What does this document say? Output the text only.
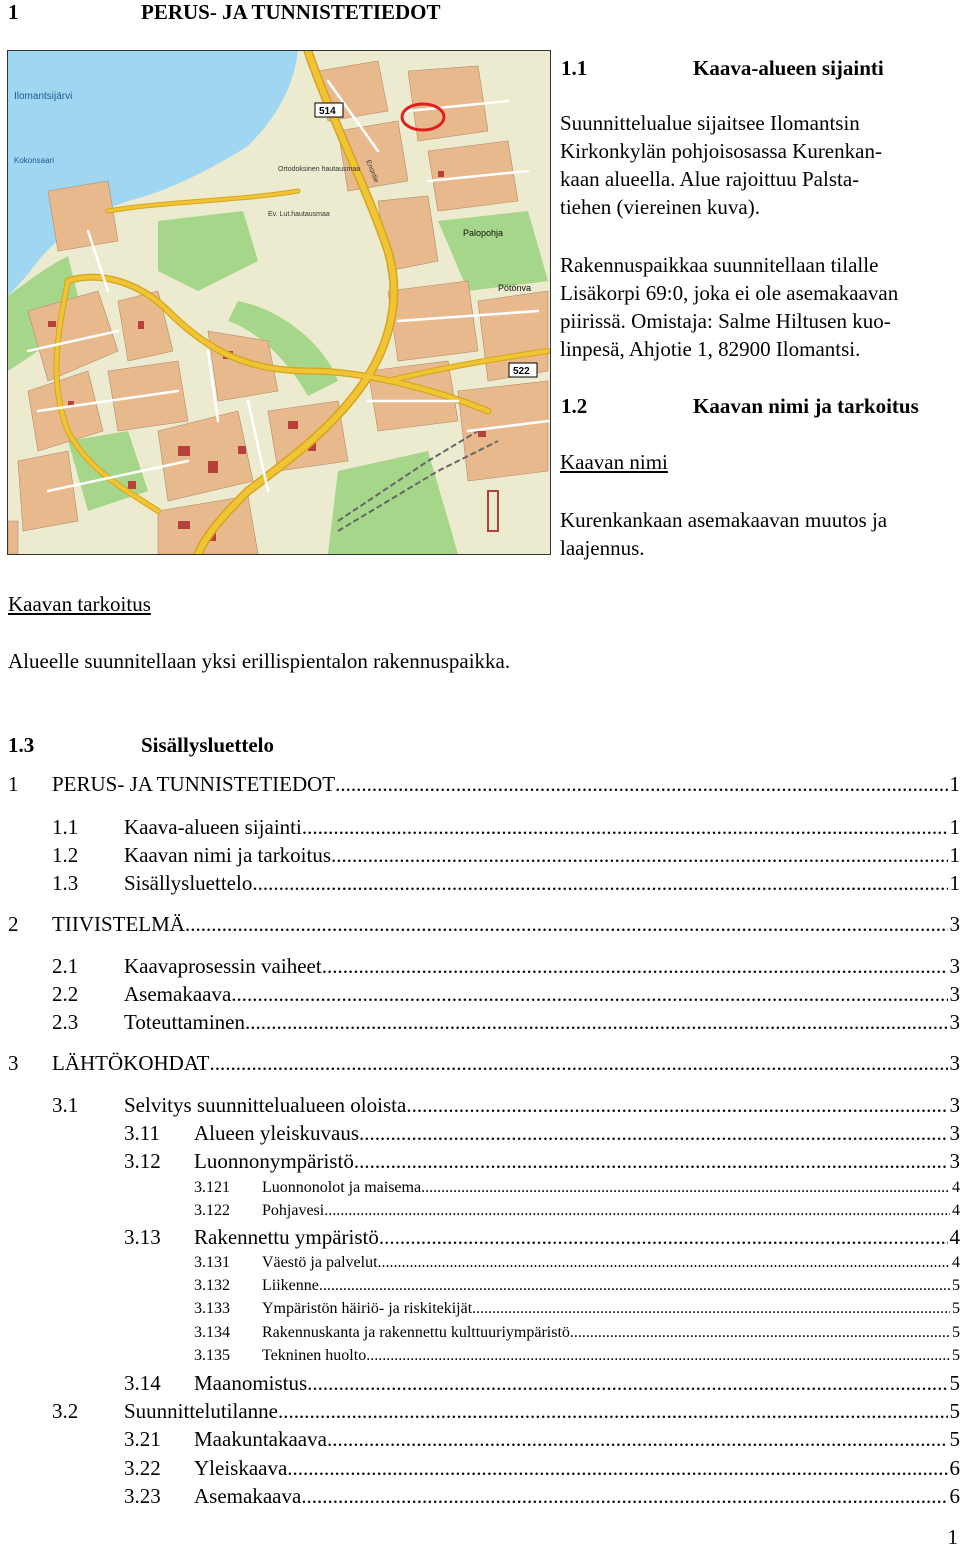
1	PERUS- JA TUNNISTETIEDOT
Ilomantsijärvi
Kokonsaari
514
522
Ortodoksinen hautausmaa
Ev. Lut.hautausmaa
Palopohja
Pötönva
Enontie
1.1	Kaava-alueen sijainti
Suunnittelualue sijaitsee Ilomantsin
Kirkonkylän pohjoisosassa Kurenkan-
kaan alueella. Alue rajoittuu Palsta-
tiehen (viereinen kuva).
Rakennuspaikkaa suunnitellaan tilalle
Lisäkorpi 69:0, joka ei ole asemakaavan
piirissä. Omistaja: Salme Hiltusen kuo-
linpesä, Ahjotie 1, 82900 Ilomantsi.
1.2	Kaavan nimi ja tarkoitus
Kaavan nimi
Kurenkankaan asemakaavan muutos ja
laajennus.
Kaavan tarkoitus
Alueelle suunnitellaan yksi erillispientalon rakennuspaikka.
1.3	Sisällysluettelo
1 PERUS- JA TUNNISTETIEDOT .....	1
1.1 Kaava-alueen sijainti .....	1
1.2 Kaavan nimi ja tarkoitus .....	1
1.3 Sisällysluettelo .....	1
2 TIIVISTELMÄ .....	3
2.1 Kaavaprosessin vaiheet .....	3
2.2 Asemakaava .....	3
2.3 Toteuttaminen .....	3
3 LÄHTÖKOHDAT .....	3
3.1 Selvitys suunnittelualueen oloista .....	3
3.11 Alueen yleiskuvaus .....	3
3.12 Luonnonympäristö .....	3
3.121 Luonnonolot ja maisema .....	4
3.122 Pohjavesi .....	4
3.13 Rakennettu ympäristö .....	4
3.131 Väestö ja palvelut .....	4
3.132 Liikenne .....	5
3.133 Ympäristön häiriö- ja riskitekijät .....	5
3.134 Rakennuskanta ja rakennettu kulttuuriympäristö .....	5
3.135 Tekninen huolto .....	5
3.14 Maanomistus .....	5
3.2 Suunnittelutilanne .....	5
3.21 Maakuntakaava .....	5
3.22 Yleiskaava .....	6
3.23 Asemakaava .....	6
1
